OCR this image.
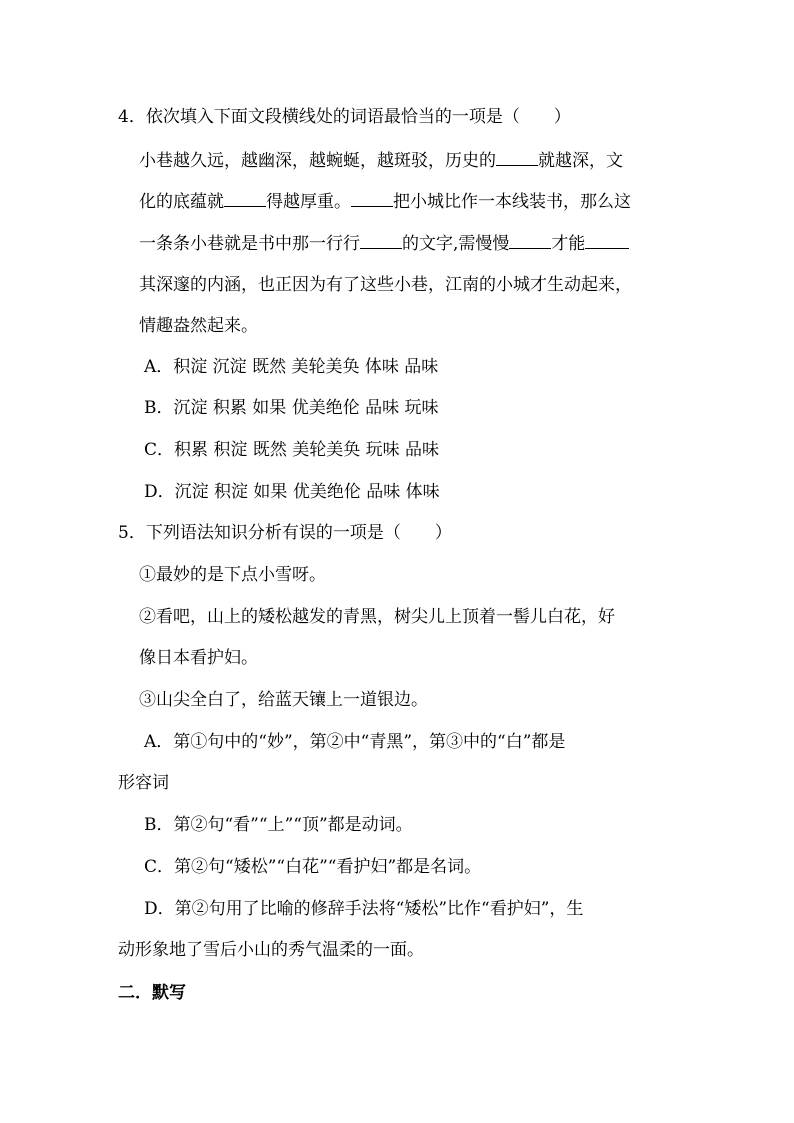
4．依次填入下面文段横线处的词语最恰当的一项是（　　）
小巷越久远，越幽深，越蜿蜒，越斑驳，历史的 就越深，文
化的底蕴就 得越厚重。 把小城比作一本线装书，那么这
一条条小巷就是书中那一行行 的文字,需慢慢 才能
其深邃的内涵，也正因为有了这些小巷，江南的小城才生动起来，
情趣盎然起来。
A．积淀 沉淀 既然 美轮美奂 体味 品味
B．沉淀 积累 如果 优美绝伦 品味 玩味
C．积累 积淀 既然 美轮美奂 玩味 品味
D．沉淀 积淀 如果 优美绝伦 品味 体味
5．下列语法知识分析有误的一项是（　　）
①最妙的是下点小雪呀。
②看吧，山上的矮松越发的青黑，树尖儿上顶着一髻儿白花，好
像日本看护妇。
③山尖全白了，给蓝天镶上一道银边。
A．第①句中的“妙”，第②中“青黑”，第③中的“白”都是
形容词
B．第②句“看”“上”“顶”都是动词。
C．第②句“矮松”“白花”“看护妇”都是名词。
D．第②句用了比喻的修辞手法将“矮松”比作“看护妇”，生
动形象地了雪后小山的秀气温柔的一面。
二．默写
